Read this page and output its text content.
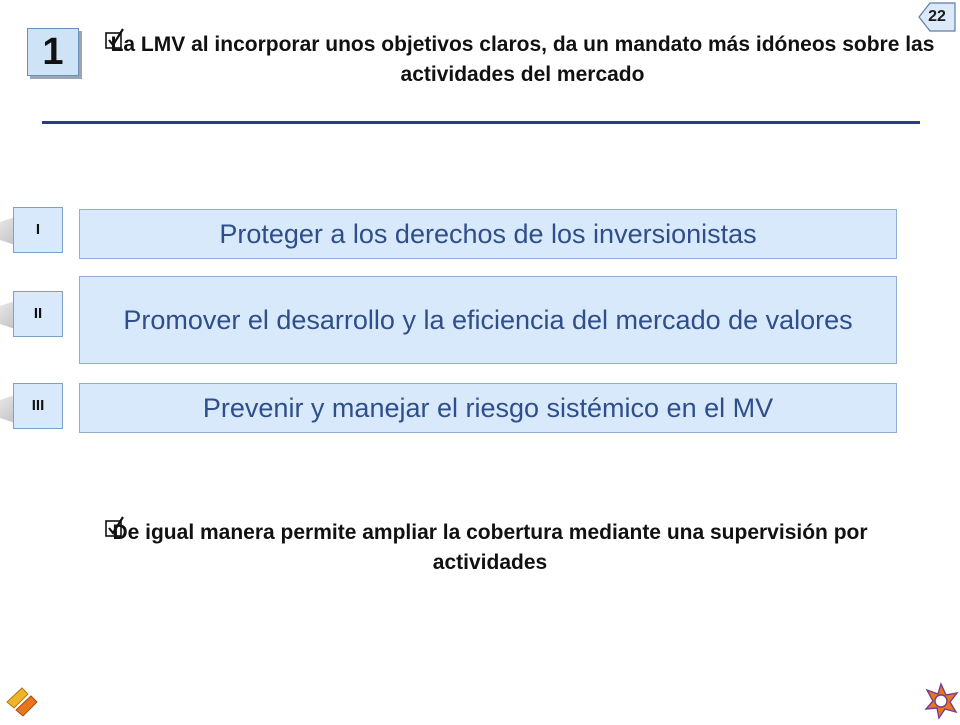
22
1	La LMV al incorporar unos objetivos claros, da un mandato más idóneos sobre las actividades del mercado
I	Proteger a los derechos de los inversionistas
II	Promover el desarrollo y la eficiencia del mercado de valores
III	Prevenir y manejar el riesgo sistémico en el MV
De igual manera permite ampliar la cobertura mediante una supervisión por actividades
